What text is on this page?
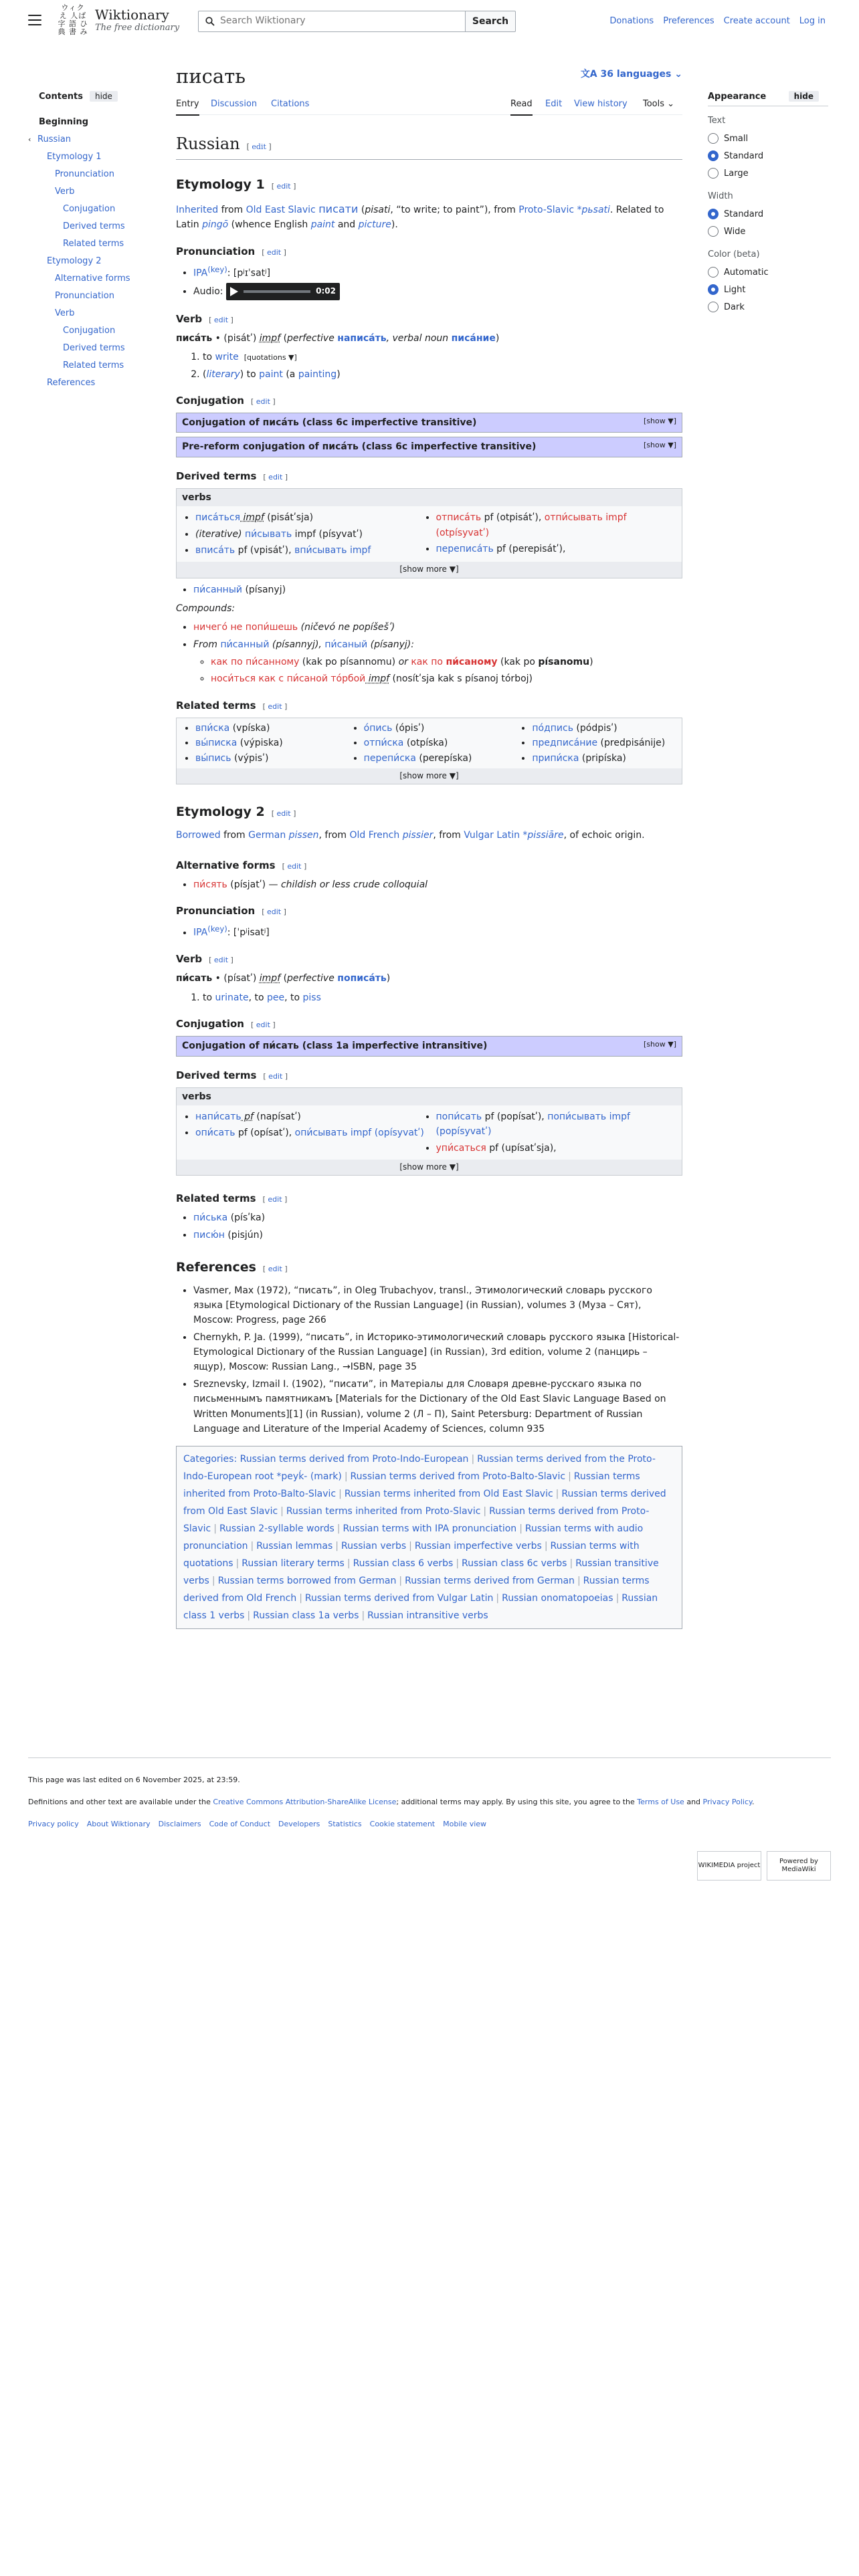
ウィク
え 人ば
字 語 ひ
典 書 み
Wiktionary
The free dictionary
Search Wiktionary
Search	Donations Preferences Create account Log in
Contents	hide
Beginning
‹ Russian
Etymology 1
Pronunciation
Verb
Conjugation
Derived terms
Related terms
Etymology 2
Alternative forms
Pronunciation
Verb
Conjugation
Derived terms
Related terms
References
писать	文A 36 languages ⌄
Entry Discussion Citations	Read Edit View history Tools ⌄
Russian [ edit ]
Etymology 1 [ edit ]

Inherited from Old East Slavic писати (pisati, “to write; to paint”), from Proto-Slavic *pьsati. Related to Latin pingō (whence English paint and picture).

Pronunciation [ edit ]
• $IPA^{(key)}$: [pʲɪˈsatʲ]
• Audio:	0:02
Verb [ edit ]

писа́ть • (pisátʹ) impf (perfective написа́ть, verbal noun писа́ние)

1. to write [quotations ▼]
2. (literary) to paint (a painting)
Conjugation [ edit ]
Conjugation of писа́ть (class 6c imperfective transitive)	[show ▼]
Pre-reform conjugation of писа́ть (class 6c imperfective transitive)	[show ▼]
Derived terms [ edit ]
verbs
• писа́ться impf (pisátʹsja)
• (iterative) пи́сывать impf (písyvatʹ)
• вписа́ть pf (vpisátʹ), впи́сывать impf
• отписа́ть pf (otpisátʹ), отпи́сывать impf (otpísyvatʹ)
• переписа́ть pf (perepisátʹ),
[show more ▼]
• пи́санный (písanyj)

Compounds:

• ничего́ не попи́шешь (ničevó ne popíšešʹ)
• From пи́санный (písannyj), пи́саный (písanyj):
◦ как по пи́санному (kak po písannomu) or как по пи́саному (kak po písanomu)
◦ носи́ться как с пи́саной то́рбой impf (nosítʹsja kak s písanoj tórboj)
Related terms [ edit ]
• впи́ска (vpíska)
• вы́писка (výpiska)
• вы́пись (výpisʹ)
• о́пись (ópisʹ)
• отпи́ска (otpíska)
• перепи́ска (perepíska)
• по́дпись (pódpisʹ)
• предписа́ние (predpisánije)
• припи́ска (pripíska)
[show more ▼]
Etymology 2 [ edit ]

Borrowed from German pissen, from Old French pissier, from Vulgar Latin *pissiāre, of echoic origin.

Alternative forms [ edit ]
• пи́сять (písjatʹ) — childish or less crude colloquial
Pronunciation [ edit ]
• $IPA^{(key)}$: [ˈpʲisatʲ]
Verb [ edit ]

пи́сать • (písatʹ) impf (perfective пописа́ть)

1. to urinate, to pee, to piss
Conjugation [ edit ]
Conjugation of пи́сать (class 1a imperfective intransitive)	[show ▼]
Derived terms [ edit ]
verbs
• напи́сать pf (napísatʹ)
• опи́сать pf (opísatʹ), опи́сывать impf (opísyvatʹ)
• попи́сать pf (popísatʹ), попи́сывать impf (popísyvatʹ)
• упи́саться pf (upísatʹsja),
[show more ▼]
Related terms [ edit ]
• пи́ська (písʹka)
• писю́н (pisjún)
References [ edit ]
• Vasmer, Max (1972), “писать”, in Oleg Trubachyov, transl., Этимологический словарь русского языка [Etymological Dictionary of the Russian Language] (in Russian), volumes 3 (Муза – Сят), Moscow: Progress, page 266
• Chernykh, P. Ja. (1999), “писать”, in Историко-этимологический словарь русского языка [Historical-Etymological Dictionary of the Russian Language] (in Russian), 3rd edition, volume 2 (панцирь – ящур), Moscow: Russian Lang., →ISBN, page 35
• Sreznevsky, Izmail I. (1902), “писати”, in Матеріалы для Словаря древне-русскаго языка по письменнымъ памятникамъ [Materials for the Dictionary of the Old East Slavic Language Based on Written Monuments][1] (in Russian), volume 2 (Л – П), Saint Petersburg: Department of Russian Language and Literature of the Imperial Academy of Sciences, column 935
Categories: Russian terms derived from Proto-Indo-European | Russian terms derived from the Proto-Indo-European root *peyḱ- (mark) | Russian terms derived from Proto-Balto-Slavic | Russian terms inherited from Proto-Balto-Slavic | Russian terms inherited from Old East Slavic | Russian terms derived from Old East Slavic | Russian terms inherited from Proto-Slavic | Russian terms derived from Proto-Slavic | Russian 2-syllable words | Russian terms with IPA pronunciation | Russian terms with audio pronunciation | Russian lemmas | Russian verbs | Russian imperfective verbs | Russian terms with quotations | Russian literary terms | Russian class 6 verbs | Russian class 6c verbs | Russian transitive verbs | Russian terms borrowed from German | Russian terms derived from German | Russian terms derived from Old French | Russian terms derived from Vulgar Latin | Russian onomatopoeias | Russian class 1 verbs | Russian class 1a verbs | Russian intransitive verbs
Appearance	hide
Text
Small
Standard
Large
Width
Standard
Wide
Color (beta)
Automatic
Light
Dark

This page was last edited on 6 November 2025, at 23:59.

Definitions and other text are available under the Creative Commons Attribution-ShareAlike License; additional terms may apply. By using this site, you agree to the Terms of Use and Privacy Policy.

Privacy policy About Wiktionary Disclaimers Code of Conduct Developers Statistics Cookie statement Mobile view
WIKIMEDIA project
Powered by MediaWiki
